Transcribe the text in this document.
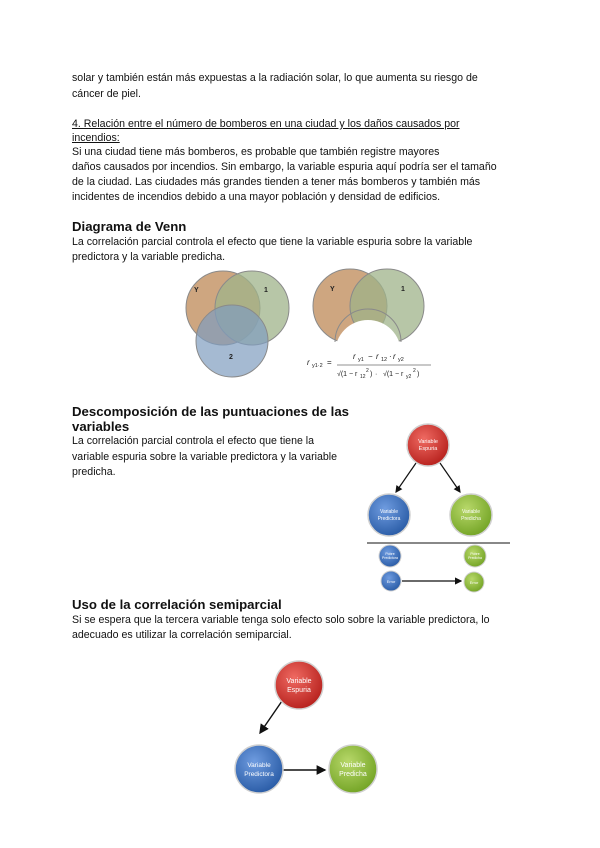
solar y también están más expuestas a la radiación solar, lo que aumenta su riesgo de

cáncer de piel.

4. Relación entre el número de bomberos en una ciudad y los daños causados por

incendios:

Si una ciudad tiene más bomberos, es probable que también registre mayores

daños causados por incendios. Sin embargo, la variable espuria aquí podría ser el tamaño

de la ciudad. Las ciudades más grandes tienden a tener más bomberos y también más

incidentes de incendios debido a una mayor población y densidad de edificios.

Diagrama de Venn

La correlación parcial controla el efecto que tiene la variable espuria sobre la variable

predictora y la variable predicha.

Y	1
2
Y	1
r y1·2 =
r y1 − r 12 · r y2
√(1 − r 12
2 ) · √(1 − r y2
2 )

Descomposición de las puntuaciones de las

variables

La correlación parcial controla el efecto que tiene la

variable espuria sobre la variable predictora y la variable

predicha.

Variable
Espuria
Variable
Predictora
Variable
Predicha
Pobre
Predictora
Pobre
Predicha
Error	Error

Uso de la correlación semiparcial

Si se espera que la tercera variable tenga solo efecto solo sobre la variable predictora, lo

adecuado es utilizar la correlación semiparcial.

Variable
Espuria
Variable
Predictora
Variable
Predicha
